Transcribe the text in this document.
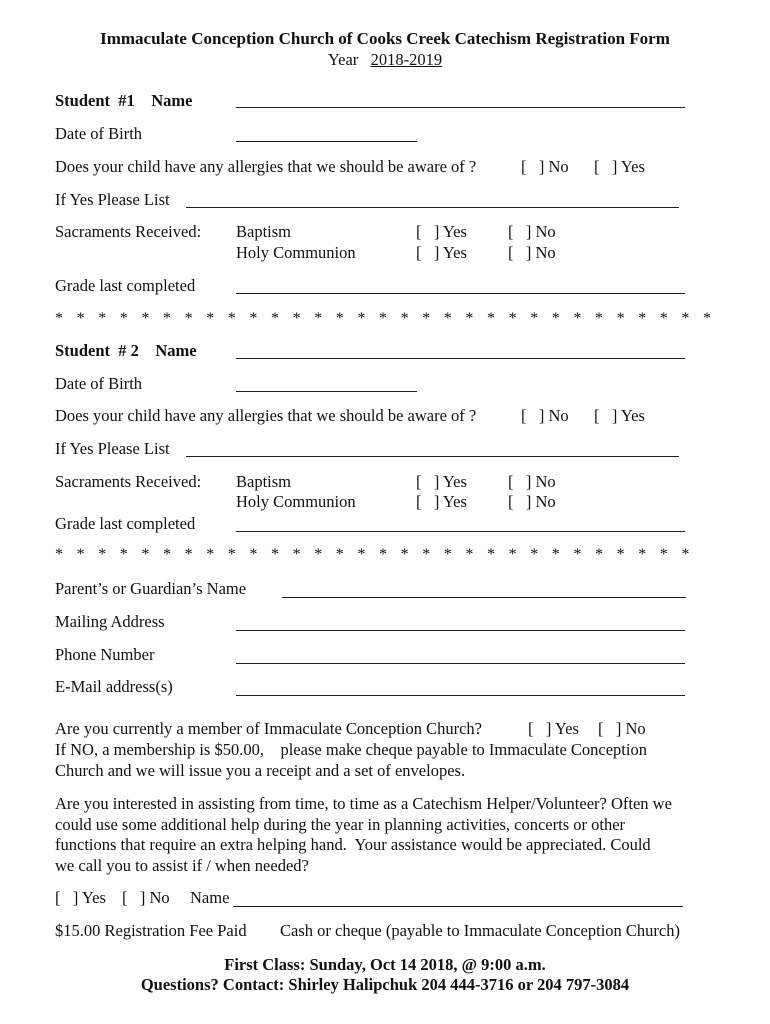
Immaculate Conception Church of Cooks Creek Catechism Registration Form
Year 2018-2019
Student  #1    Name
Date of Birth
Does your child have any allergies that we should be aware of ?	[   ] No [   ] Yes
If Yes Please List
Sacraments Received: Baptism	[   ] Yes [   ] No
Holy Communion	[   ] Yes [   ] No
Grade last completed
* * * * * * * * * * * * * * * * * * * * * * * * * * * * * * *
Student  # 2    Name
Date of Birth
Does your child have any allergies that we should be aware of ?	[   ] No [   ] Yes
If Yes Please List
Sacraments Received: Baptism	[   ] Yes [   ] No
Holy Communion	[   ] Yes [   ] No
Grade last completed
* * * * * * * * * * * * * * * * * * * * * * * * * * * * * *
Parent’s or Guardian’s Name
Mailing Address
Phone Number
E-Mail address(s)
Are you currently a member of Immaculate Conception Church?	[   ] Yes [   ] No
If NO, a membership is $50.00,    please make cheque payable to Immaculate Conception
Church and we will issue you a receipt and a set of envelopes.
Are you interested in assisting from time, to time as a Catechism Helper/Volunteer? Often we
could use some additional help during the year in planning activities, concerts or other
functions that require an extra helping hand.  Your assistance would be appreciated. Could
we call you to assist if / when needed?
[   ] Yes [   ] No Name
$15.00 Registration Fee Paid Cash or cheque (payable to Immaculate Conception Church)
First Class: Sunday, Oct 14 2018, @ 9:00 a.m.
Questions? Contact: Shirley Halipchuk 204 444-3716 or 204 797-3084
